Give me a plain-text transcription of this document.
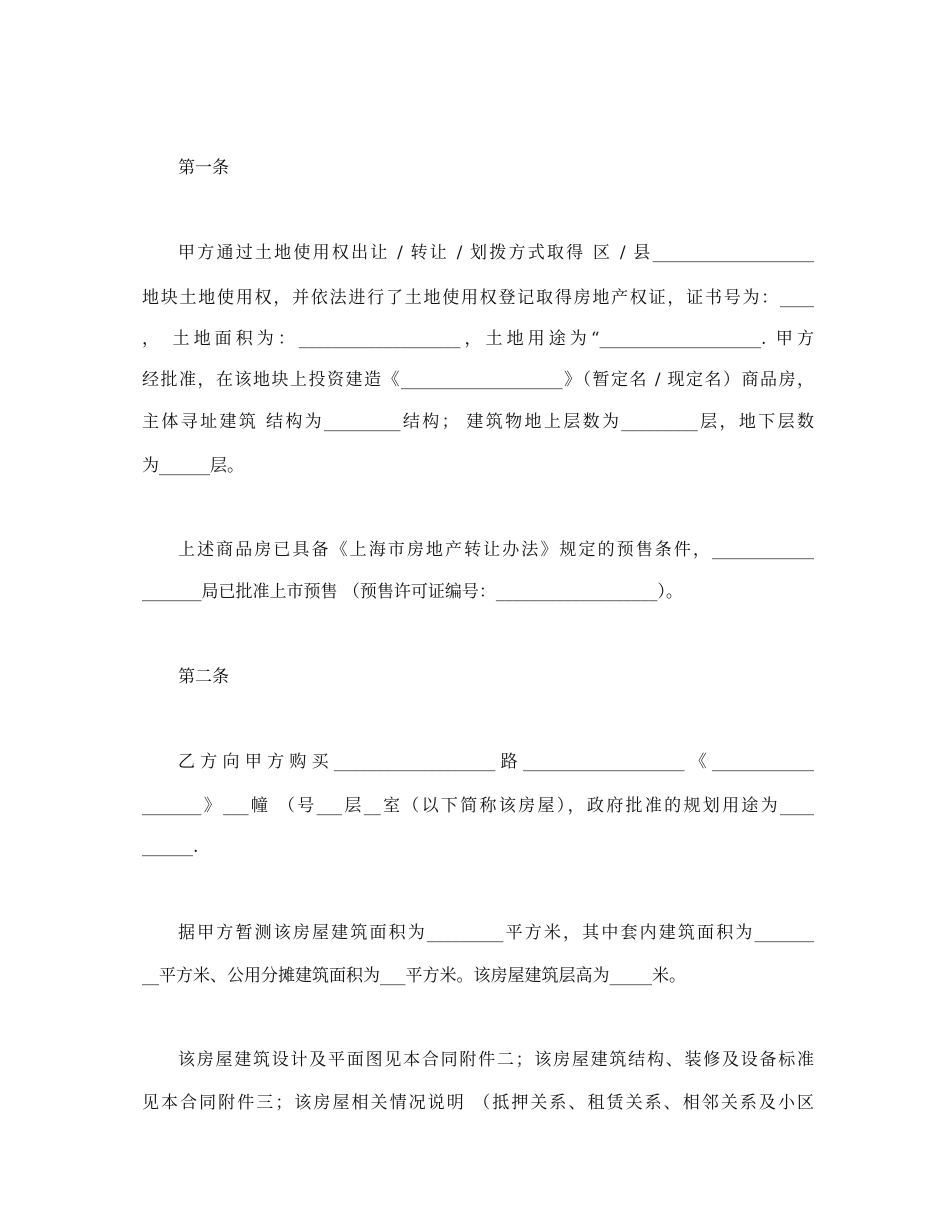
第一条
甲方通过土地使用权出让 / 转让 / 划拨方式取得 区 / 县___________________
地块土地使用权，并依法进行了土地使用权登记取得房地产权证，证书号为：____
， 土地面积为：___________________，土地用途为“___________________. 甲方
经批准，在该地块上投资建造《___________________》（暂定名 / 现定名）商品房，
主体寻址建筑 结构为_________结构； 建筑物地上层数为_________层，地下层数
为______层。
上述商品房已具备《上海市房地产转让办法》规定的预售条件，____________
_______局已批准上市预售 （预售许可证编号：___________________）。
第二条
乙方向甲方购买___________________路___________________《____________
_______》___幢 （号___层__室（以下简称该房屋），政府批准的规划用途为____
______.
据甲方暂测该房屋建筑面积为_________平方米，其中套内建筑面积为_______
__平方米、公用分摊建筑面积为___平方米。该房屋建筑层高为_____米。
该房屋建筑设计及平面图见本合同附件二；该房屋建筑结构、装修及设备标准
见本合同附件三；该房屋相关情况说明 （抵押关系、租赁关系、相邻关系及小区
